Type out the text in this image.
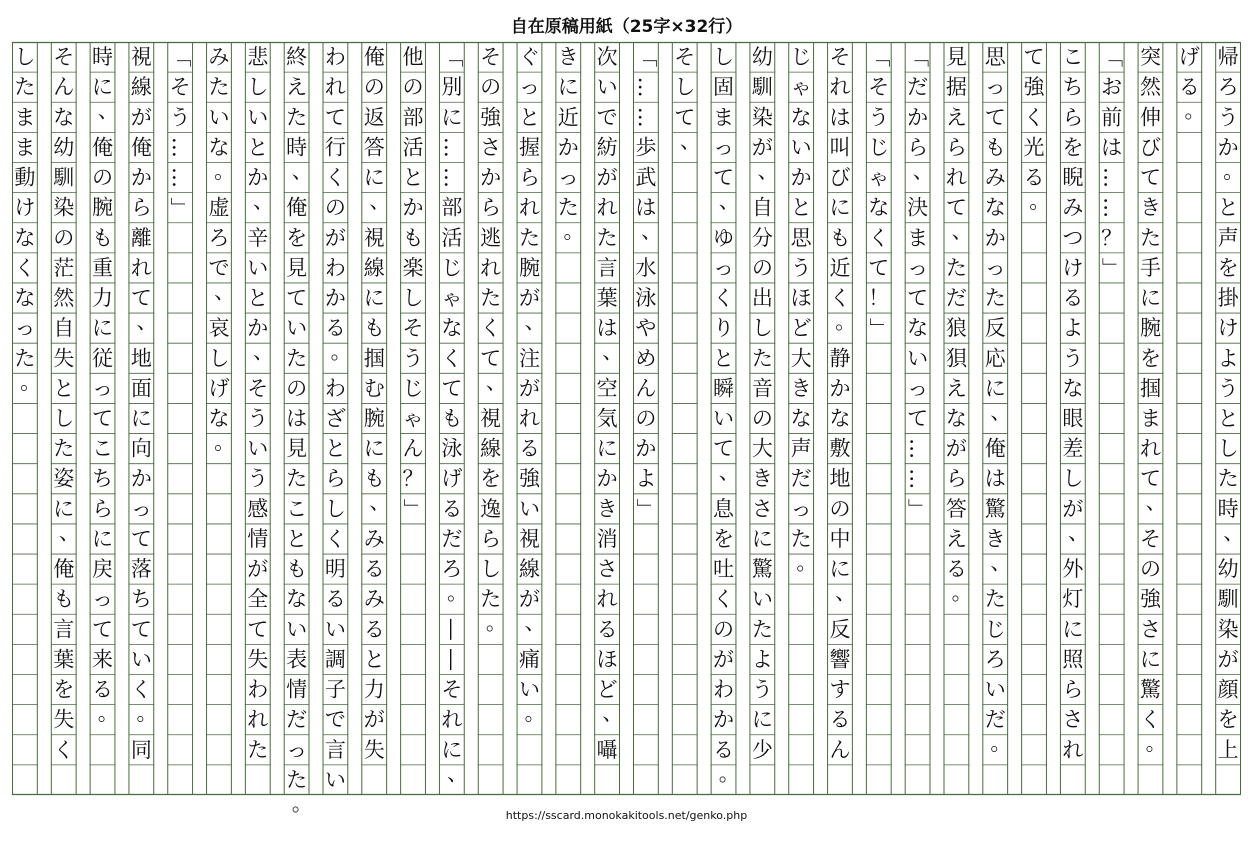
自在原稿用紙（25字×32行）
帰
ろ
う
か
。
と
声
を
掛
け
よ
う
と
し
た
時
、
幼
馴
染
が
顔
を
上
げ
る
。
突
然
伸
び
て
き
た
手
に
腕
を
掴
ま
れ
て
、
そ
の
強
さ
に
驚
く
。
「
お
前
は
…
…
？
」
こ
ち
ら
を
睨
み
つ
け
る
よ
う
な
眼
差
し
が
、
外
灯
に
照
ら
さ
れ
て
強
く
光
る
。
思
っ
て
も
み
な
か
っ
た
反
応
に
、
俺
は
驚
き
、
た
じ
ろ
い
だ
。
見
据
え
ら
れ
て
、
た
だ
狼
狽
え
な
が
ら
答
え
る
。
「
だ
か
ら
、
決
ま
っ
て
な
い
っ
て
…
…
」
「
そ
う
じ
ゃ
な
く
て
！
」
そ
れ
は
叫
び
に
も
近
く
。
静
か
な
敷
地
の
中
に
、
反
響
す
る
ん
じ
ゃ
な
い
か
と
思
う
ほ
ど
大
き
な
声
だ
っ
た
。
幼
馴
染
が
、
自
分
の
出
し
た
音
の
大
き
さ
に
驚
い
た
よ
う
に
少
し
固
ま
っ
て
、
ゆ
っ
く
り
と
瞬
い
て
、
息
を
吐
く
の
が
わ
か
る
。
そ
し
て
、
「
…
…
歩
武
は
、
水
泳
や
め
ん
の
か
よ
」
次
い
で
紡
が
れ
た
言
葉
は
、
空
気
に
か
き
消
さ
れ
る
ほ
ど
、
囁
き
に
近
か
っ
た
。
ぐ
っ
と
握
ら
れ
た
腕
が
、
注
が
れ
る
強
い
視
線
が
、
痛
い
。
そ
の
強
さ
か
ら
逃
れ
た
く
て
、
視
線
を
逸
ら
し
た
。
「
別
に
…
…
部
活
じ
ゃ
な
く
て
も
泳
げ
る
だ
ろ
。
―
―
そ
れ
に
、
他
の
部
活
と
か
も
楽
し
そ
う
じ
ゃ
ん
？
」
俺
の
返
答
に
、
視
線
に
も
掴
む
腕
に
も
、
み
る
み
る
と
力
が
失
わ
れ
て
行
く
の
が
わ
か
る
。
わ
ざ
と
ら
し
く
明
る
い
調
子
で
言
い
終
え
た
時
、
俺
を
見
て
い
た
の
は
見
た
こ
と
も
な
い
表
情
だ
っ
た
。
悲
し
い
と
か
、
辛
い
と
か
、
そ
う
い
う
感
情
が
全
て
失
わ
れ
た
み
た
い
な
。
虚
ろ
で
、
哀
し
げ
な
。
「
そ
う
…
…
」
視
線
が
俺
か
ら
離
れ
て
、
地
面
に
向
か
っ
て
落
ち
て
い
く
。
同
時
に
、
俺
の
腕
も
重
力
に
従
っ
て
こ
ち
ら
に
戻
っ
て
来
る
。
そ
ん
な
幼
馴
染
の
茫
然
自
失
と
し
た
姿
に
、
俺
も
言
葉
を
失
く
し
た
ま
ま
動
け
な
く
な
っ
た
。
https://sscard.monokakitools.net/genko.php
